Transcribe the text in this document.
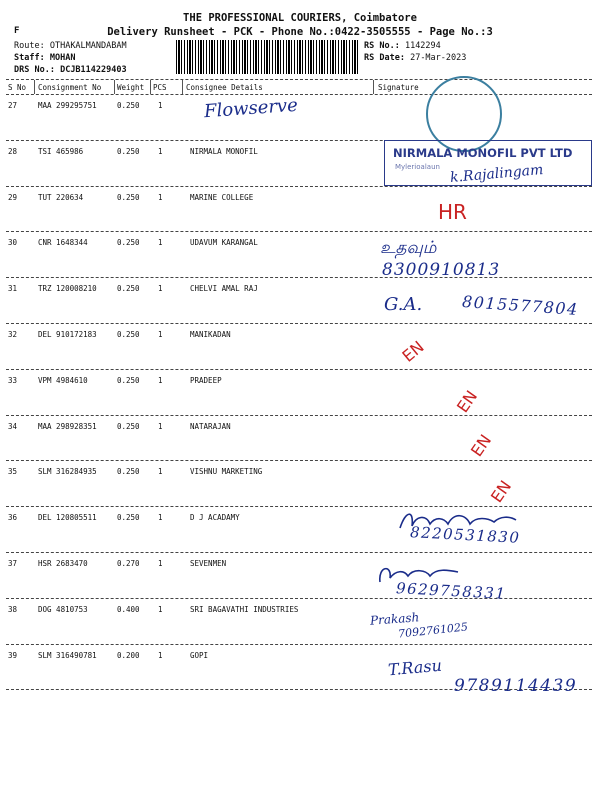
THE PROFESSIONAL COURIERS, Coimbatore
Delivery Runsheet - PCK - Phone No.:0422-3505555 - Page No.:3
F
Route: OTHAKALMANDABAM
Staff: MOHAN
DRS No.: DCJB114229403
RS No.: 1142294
RS Date: 27-Mar-2023
S No Consignment No Weight PCS	Consignee Details	Signature
27	MAA 299295751	0.250 1
28	TSI 465986	0.250 1	NIRMALA MONOFIL
29	TUT 220634	0.250 1	MARINE COLLEGE
30	CNR 1648344	0.250 1	UDAVUM KARANGAL
31	TRZ 120008210	0.250 1	CHELVI AMAL RAJ
32	DEL 910172183	0.250 1	MANIKADAN
33	VPM 4984610	0.250 1	PRADEEP
34	MAA 298928351	0.250 1	NATARAJAN
35	SLM 316284935	0.250 1	VISHNU MARKETING
36	DEL 120805511	0.250 1	D J ACADAMY
37	HSR 2683470	0.270 1	SEVENMEN
38	DOG 4810753	0.400 1	SRI BAGAVATHI INDUSTRIES
39	SLM 316490781	0.200 1	GOPI
Flowserve
NIRMALA MONOFIL PVT LTD
Mylerioalaun k.Rajalingam
HR
உதவும்
8300910813
G.A. 8015577804
EN
EN
EN
EN
8220531830
9629758331
Prakash
7092761025
T.Rasu
9789114439
